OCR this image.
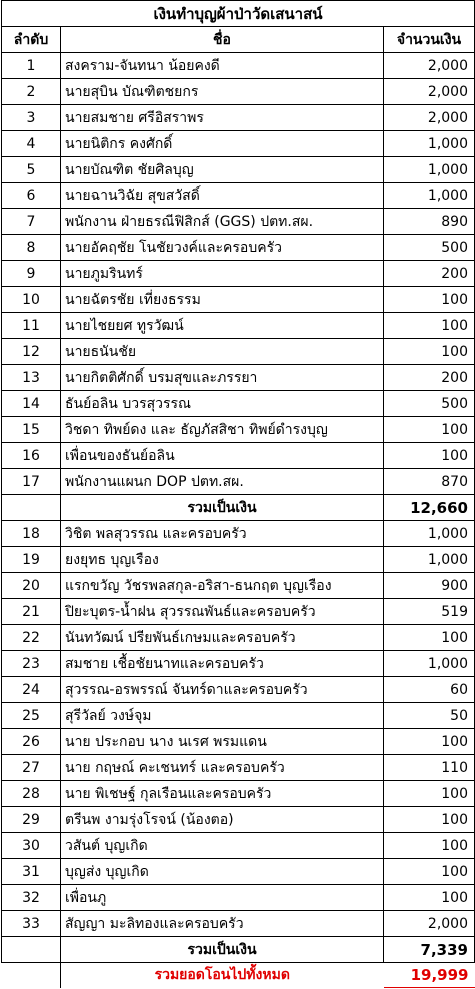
เงินทำบุญผ้าป่าวัดเสนาสน์		
ลำดับ	ชื่อ	จำนวนเงิน
1	สงคราม-จันทนา น้อยคงดี	2,000
2	นายสุบิน บัณฑิตชยกร	2,000
3	นายสมชาย ศรีอิสราพร	2,000
4	นายนิติกร คงศักดิ์	1,000
5	นายบัณฑิต ชัยศิลบุญ	1,000
6	นายฉานวิฉัย สุขสวัสดิ์	1,000
7	พนักงาน ฝ่ายธรณีฟิสิกส์ (GGS) ปตท.สผ.	890
8	นายอัคฤชัย โนชัยวงค์และครอบครัว	500
9	นายภูมรินทร์	200
10	นายฉัตรชัย เที่ยงธรรม	100
11	นายไชยยศ ทูรวัฒน์	100
12	นายธนันชัย	100
13	นายกิตติศักดิ์ บรมสุขและภรรยา	200
14	ธันย์อลิน บวรสุวรรณ	500
15	วิชดา ทิพย์ดง และ ธัญภัสสิชา ทิพย์ดำรงบุญ	100
16	เพื่อนของธันย์อลิน	100
17	พนักงานแผนก DOP ปตท.สผ.	870
	รวมเป็นเงิน	12,660
18	วิชิต พลสุวรรณ และครอบครัว	1,000
19	ยงยุทธ บุญเรือง	1,000
20	แรกขวัญ วัชรพลสกุล-อริสา-ธนกฤต บุญเรือง	900
21	ปิยะบุตร-น้ำฝน สุวรรณพันธ์และครอบครัว	519
22	นันทวัฒน์ ปรียพันธ์เกษมและครอบครัว	100
23	สมชาย เชื้อชัยนาทและครอบครัว	1,000
24	สุวรรณ-อรพรรณ์ จันทร์ดาและครอบครัว	60
25	สุรีวัลย์ วงษ์จุม	50
26	นาย ประกอบ นาง นเรศ พรมแดน	100
27	นาย กฤษณ์ คะเชนทร์ และครอบครัว	110
28	นาย พิเชษฐ์ กุลเรือนและครอบครัว	100
29	ตรีนพ งามรุ่งโรจน์ (น้องตอ)	100
30	วสันต์ บุญเกิด	100
31	บุญส่ง บุญเกิด	100
32	เพื่อนภู	100
33	สัญญา มะลิทองและครอบครัว	2,000
	รวมเป็นเงิน	7,339
	รวมยอดโอนไปทั้งหมด	19,999
